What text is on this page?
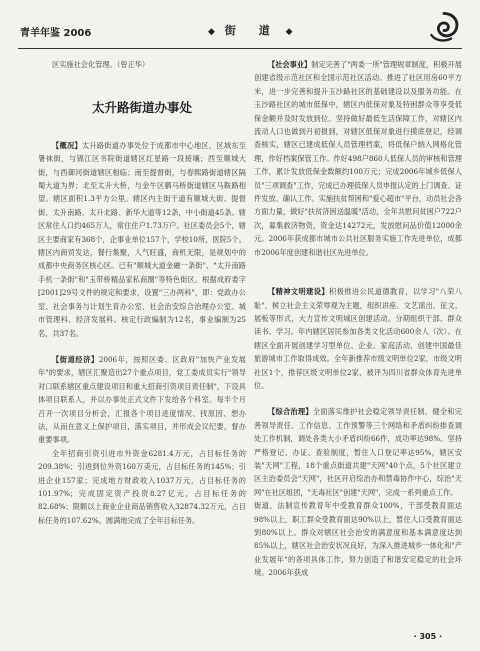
青羊年鉴 2006	◆ 街　道 ◆

区实施社会化管理。（曾正华）

太升路街道办事处

【概况】太升路街道办事处位于成都市中心地区，区域东至暑袜街，与锦江区书院街道辖区红星路一段接壤；西至顺城大街，与西御河街道辖区相临；南至提督街，与春熙路街道辖区隔蜀大道为界；北至太升大桥，与金牛区驷马桥街道辖区马鞍路相望。辖区面积1.3平方公里。辖区内主街干道有顺城大街、提督街、太升南路、太升北路、新华大道等12条，中小街道45条。辖区常住人口约465万人，常住住户1.73万户。社区委员会5个，辖区主要商家有368个，企事业单位157个，学校10所，医院5个。辖区内商贸发达，餐行集聚，人气旺盛，商机无限，是规划中的成都中央商务区核心区。已有"顺城大道金融一条街"、"太升南路手机一条街"和"玉带桥精品家私商圈"等特色街区。根据成府委字[2001]29号文件的规定和要求，设置"三办两科"，即：党政办公室、社会事务与计划生育办公室、社会治安综合治理办公室、城市管理科、经济发展科。核定行政编制为12名，事业编制为25名，共37名。

【街道经济】2006年，按照区委、区政府"加快产业发展年"的要求，辖区汇聚造出27个重点项目，党工委成员实行"领导对口联系辖区重点建设项目和重大招商引资项目责任制"，下设具体项目联系人，并以办事处正式文件下发给各个科室。每半个月召开一次项目分析会，汇报各个项目进度情况、找原因、想办法，从而在意义上保护项目，落实项目，并形成会议纪要，督办重要事项。

全年招商引资引进市外资金6281.4万元，占目标任务的209.38%；引进到位外资160万美元，占目标任务的145%；引进企业157家；完成地方财政收入1037万元，占目标任务的101.97%；完成固定资产投资8.27亿元，占目标任务的82.68%；限额以上商业企业商品销售收入32874.32万元，占目标任务的107.62%。圆满地完成了全年目标任务。

【社会事业】制定完善了"两委一所"管理规章制度，积极开展创建省级示范社区和全国示范社区活动。推进了社区用房60平方米，进一步完善和提升玉沙路社区的基础建设以及服务功能。在玉沙路社区的城市低保中，辖区内低保对象及特困群众等享受低保金额并及时发放到位。坚持做好最低生活保障工作，对辖区内流动人口也做到月初报到，对辖区低保对象进行摸底登记，经调查核实，辖区已建成低保人员管理档案，将低保户纳入网格化管理，作好档案保管工作。作好498户860人低保人员的审核和管理工作，累计发放低保金数额约100万元；完成2006年城乡低保人员"三项调查"工作，完成已办理低保人员申报认定的上门调查、证件发放、确认工作。实施扶贫帮困和"爱心超市"平台，动员社会各方面力量，做好"扶贫济困送温暖"活动，全年共慰问贫困户722户次，募集救济物资，资金达14272元，发放慰问品价值12000余元。2006年获成都市城市公共社区服务实施工作先进单位，成都市2006年度创建和谐社区先进单位。

【精神文明建设】积极推进公民道德教育，以学习"八荣八耻"，树立社会主义荣辱观为主题，组织讲座、文艺演出、征文、展板等形式，大力宣传文明城区创建活动。分期组织干部、群众读书、学习。年内辖区居民参加各类文化活动600余人（次）。在辖区全面开展创建学习型单位、企业、家庭活动，创建中国最佳旅游城市工作取得成效。全年新推荐市级文明单位2家，市级文明社区1个，推荐区级文明单位2家，被评为四川省群众体育先进单位。

【综合治理】全面落实维护社会稳定领导责任制，健全和完善领导责任、工作信息、工作预警等三个网络和矛盾纠纷排查调处工作机制，调处各类大小矛盾纠纷66件，成功率达98%。坚持严格登记、办证、查验制度，暂住人口登记率达95%，辖区安装"天网"工程，18个重点街道共建"天网"40个点，5个社区建立区主治委员会"天网"，社区开启综治办和禁毒协作中心，综治"天网"在社区组团，"无毒社区"创建"天网"，完成一系列重点工作。

街道，法制宣传教育年中受教育群众100%，干部受教育面达98%以上，职工群众受教育面达90%以上，暂住人口受教育面达到80%以上。群众对辖区社会治安的满意度和基本满意度达到85%以上，辖区社会治安状况良好，为深入推进城乡一体化和"产业发展年"的各项具体工作，努力创造了和谐安定稳定的社会环境。2006年获成

· 305 ·
